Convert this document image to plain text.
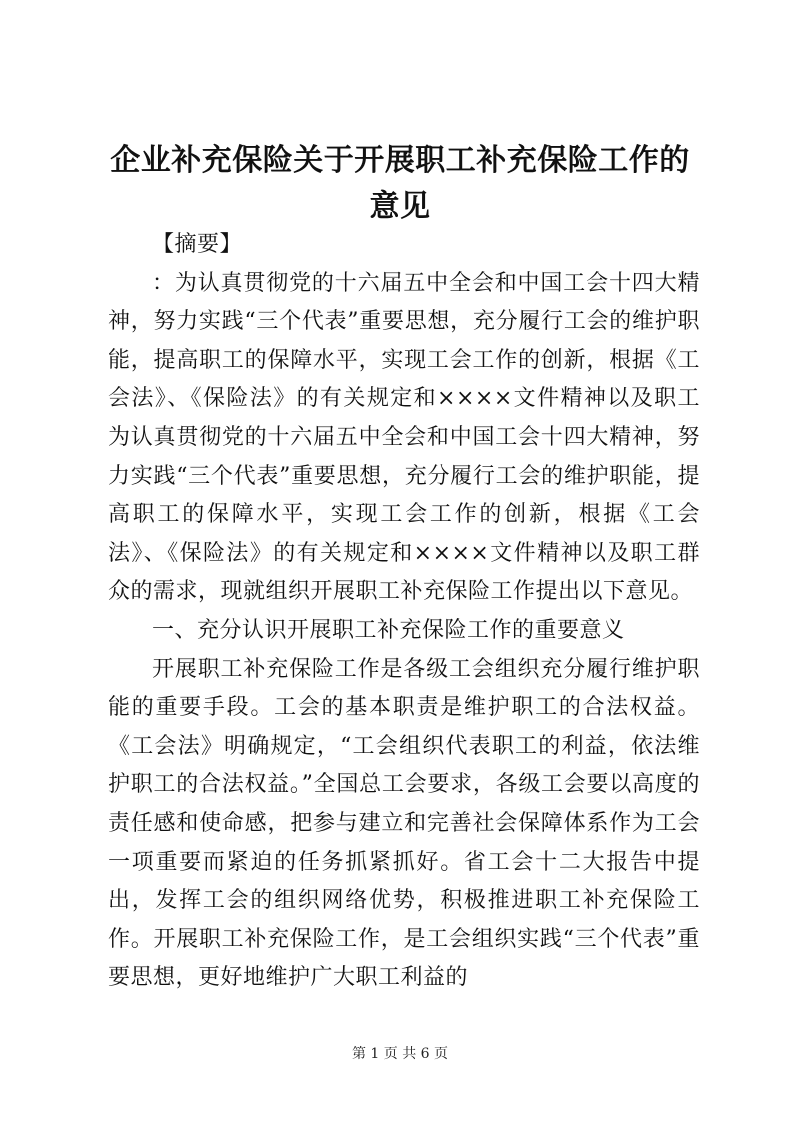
企业补充保险关于开展职工补充保险工作的意见

【摘要】

：为认真贯彻党的十六届五中全会和中国工会十四大精神，努力实践“三个代表”重要思想，充分履行工会的维护职能，提高职工的保障水平，实现工会工作的创新，根据《工会法》、《保险法》的有关规定和××××文件精神以及职工为认真贯彻党的十六届五中全会和中国工会十四大精神，努力实践“三个代表”重要思想，充分履行工会的维护职能，提高职工的保障水平，实现工会工作的创新，根据《工会法》、《保险法》的有关规定和××××文件精神以及职工群众的需求，现就组织开展职工补充保险工作提出以下意见。

一、充分认识开展职工补充保险工作的重要意义

开展职工补充保险工作是各级工会组织充分履行维护职能的重要手段。工会的基本职责是维护职工的合法权益。《工会法》明确规定，“工会组织代表职工的利益，依法维护职工的合法权益。”全国总工会要求，各级工会要以高度的责任感和使命感，把参与建立和完善社会保障体系作为工会一项重要而紧迫的任务抓紧抓好。省工会十二大报告中提出，发挥工会的组织网络优势，积极推进职工补充保险工作。开展职工补充保险工作，是工会组织实践“三个代表”重要思想，更好地维护广大职工利益的

第 1 页 共 6 页
